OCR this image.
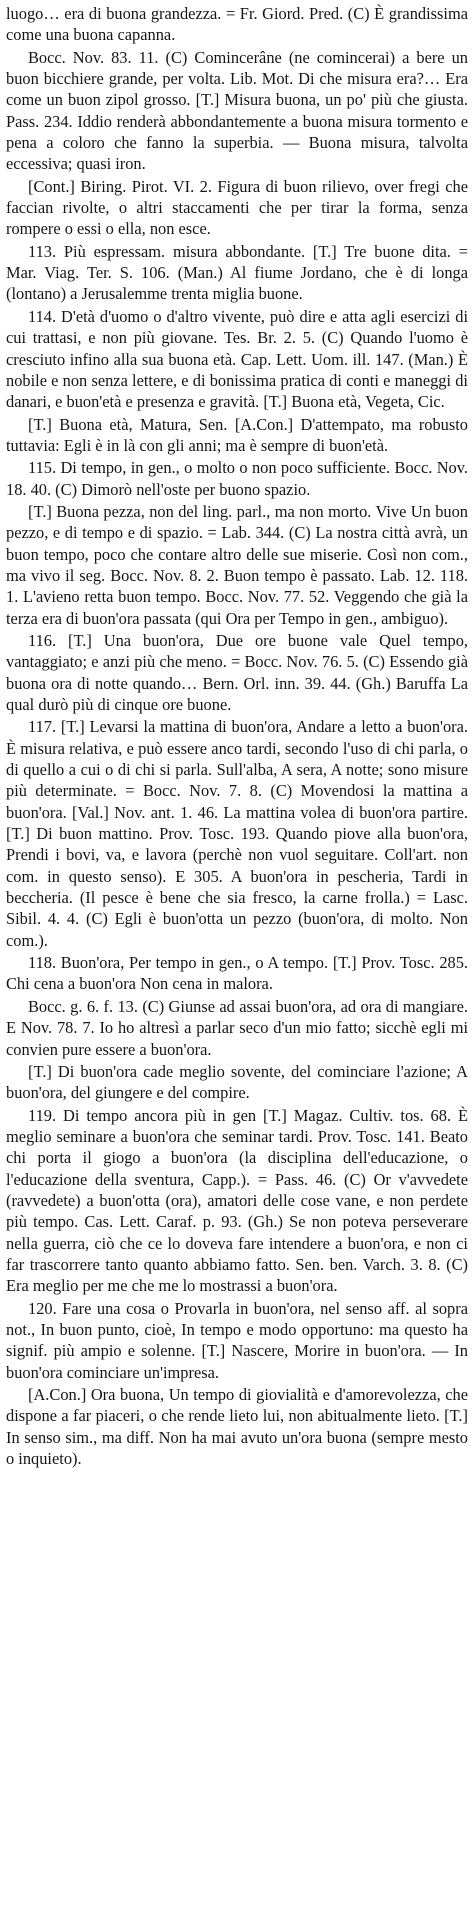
luogo… era di buona grandezza. = Fr. Giord. Pred. (C) È grandissima come una buona capanna.

Bocc. Nov. 83. 11. (C) Comincerâne (ne comincerai) a bere un buon bicchiere grande, per volta. Lib. Mot. Di che misura era?… Era come un buon zipol grosso. [T.] Misura buona, un po' più che giusta. Pass. 234. Iddio renderà abbondantemente a buona misura tormento e pena a coloro che fanno la superbia. — Buona misura, talvolta eccessiva; quasi iron.

[Cont.] Biring. Pirot. VI. 2. Figura di buon rilievo, over fregi che faccian rivolte, o altri staccamenti che per tirar la forma, senza rompere o essi o ella, non esce.

113. Più espressam. misura abbondante. [T.] Tre buone dita. = Mar. Viag. Ter. S. 106. (Man.) Al fiume Jordano, che è di longa (lontano) a Jerusalemme trenta miglia buone.

114. D'età d'uomo o d'altro vivente, può dire e atta agli esercizi di cui trattasi, e non più giovane. Tes. Br. 2. 5. (C) Quando l'uomo è cresciuto infino alla sua buona età. Cap. Lett. Uom. ill. 147. (Man.) È nobile e non senza lettere, e di bonissima pratica di conti e maneggi di danari, e buon'età e presenza e gravità. [T.] Buona età, Vegeta, Cic.

[T.] Buona età, Matura, Sen. [A.Con.] D'attempato, ma robusto tuttavia: Egli è in là con gli anni; ma è sempre di buon'età.

115. Di tempo, in gen., o molto o non poco sufficiente. Bocc. Nov. 18. 40. (C) Dimorò nell'oste per buono spazio.

[T.] Buona pezza, non del ling. parl., ma non morto. Vive Un buon pezzo, e di tempo e di spazio. = Lab. 344. (C) La nostra città avrà, un buon tempo, poco che contare altro delle sue miserie. Così non com., ma vivo il seg. Bocc. Nov. 8. 2. Buon tempo è passato. Lab. 12. 118. 1. L'avieno retta buon tempo. Bocc. Nov. 77. 52. Veggendo che già la terza era di buon'ora passata (qui Ora per Tempo in gen., ambiguo).

116. [T.] Una buon'ora, Due ore buone vale Quel tempo, vantaggiato; e anzi più che meno. = Bocc. Nov. 76. 5. (C) Essendo già buona ora di notte quando… Bern. Orl. inn. 39. 44. (Gh.) Baruffa La qual durò più di cinque ore buone.

117. [T.] Levarsi la mattina di buon'ora, Andare a letto a buon'ora. È misura relativa, e può essere anco tardi, secondo l'uso di chi parla, o di quello a cui o di chi si parla. Sull'alba, A sera, A notte; sono misure più determinate. = Bocc. Nov. 7. 8. (C) Movendosi la mattina a buon'ora. [Val.] Nov. ant. 1. 46. La mattina volea di buon'ora partire. [T.] Di buon mattino. Prov. Tosc. 193. Quando piove alla buon'ora, Prendi i bovi, va, e lavora (perchè non vuol seguitare. Coll'art. non com. in questo senso). E 305. A buon'ora in pescheria, Tardi in beccheria. (Il pesce è bene che sia fresco, la carne frolla.) = Lasc. Sibil. 4. 4. (C) Egli è buon'otta un pezzo (buon'ora, di molto. Non com.).

118. Buon'ora, Per tempo in gen., o A tempo. [T.] Prov. Tosc. 285. Chi cena a buon'ora Non cena in malora.

Bocc. g. 6. f. 13. (C) Giunse ad assai buon'ora, ad ora di mangiare. E Nov. 78. 7. Io ho altresì a parlar seco d'un mio fatto; sicchè egli mi convien pure essere a buon'ora.

[T.] Di buon'ora cade meglio sovente, del cominciare l'azione; A buon'ora, del giungere e del compire.

119. Di tempo ancora più in gen [T.] Magaz. Cultiv. tos. 68. È meglio seminare a buon'ora che seminar tardi. Prov. Tosc. 141. Beato chi porta il giogo a buon'ora (la disciplina dell'educazione, o l'educazione della sventura, Capp.). = Pass. 46. (C) Or v'avvedete (ravvedete) a buon'otta (ora), amatori delle cose vane, e non perdete più tempo. Cas. Lett. Caraf. p. 93. (Gh.) Se non poteva perseverare nella guerra, ciò che ce lo doveva fare intendere a buon'ora, e non ci far trascorrere tanto quanto abbiamo fatto. Sen. ben. Varch. 3. 8. (C) Era meglio per me che me lo mostrassi a buon'ora.

120. Fare una cosa o Provarla in buon'ora, nel senso aff. al sopra not., In buon punto, cioè, In tempo e modo opportuno: ma questo ha signif. più ampio e solenne. [T.] Nascere, Morire in buon'ora. — In buon'ora cominciare un'impresa.

[A.Con.] Ora buona, Un tempo di giovialità e d'amorevolezza, che dispone a far piaceri, o che rende lieto lui, non abitualmente lieto. [T.] In senso sim., ma diff. Non ha mai avuto un'ora buona (sempre mesto o inquieto).
